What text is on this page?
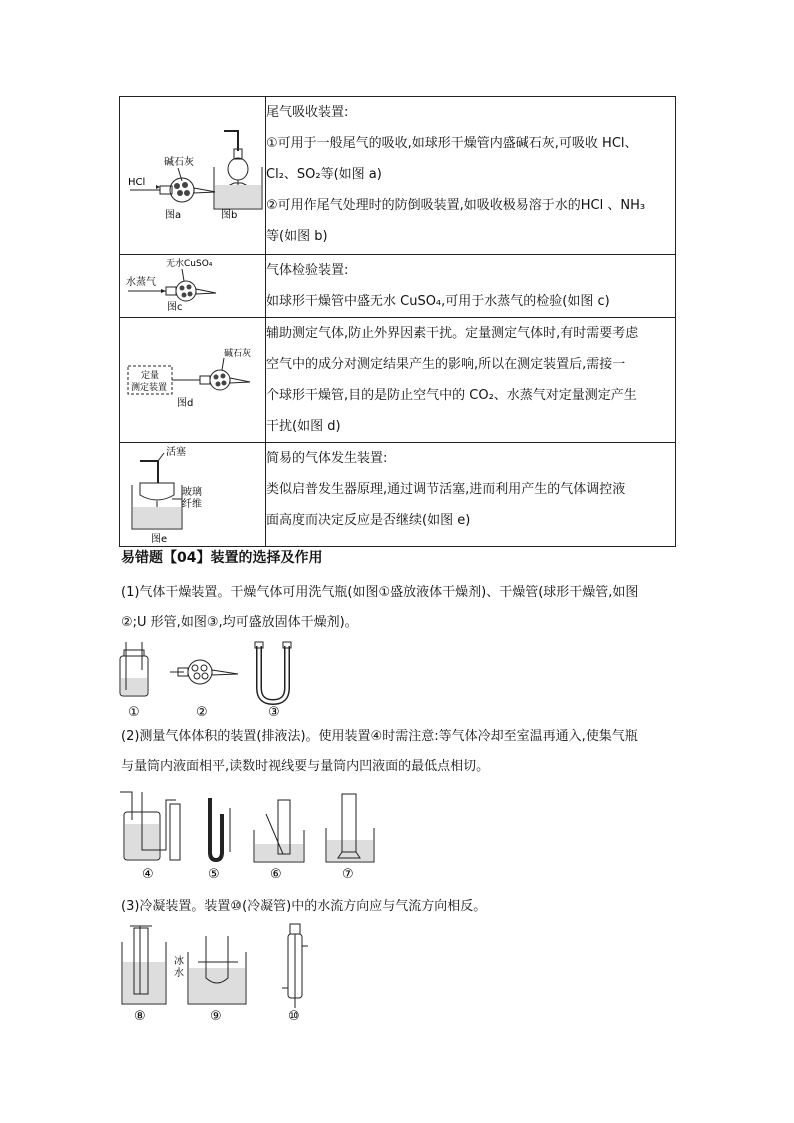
碱石灰
HCl
图a 图b	尾气吸收装置:
①可用于一般尾气的吸收,如球形干燥管内盛碱石灰,可吸收 HCl、
Cl₂、SO₂等(如图 a)
②可用作尾气处理时的防倒吸装置,如吸收极易溶于水的HCl 、NH₃
等(如图 b)

无水CuSO₄
水蒸气
图c	气体检验装置:
如球形干燥管中盛无水 CuSO₄,可用于水蒸气的检验(如图 c)

定量
测定装置
碱石灰
图d	辅助测定气体,防止外界因素干扰。定量测定气体时,有时需要考虑
空气中的成分对测定结果产生的影响,所以在测定装置后,需接一
个球形干燥管,目的是防止空气中的 CO₂、水蒸气对定量测定产生
干扰(如图 d)

活塞
玻璃
纤维
图e	简易的气体发生装置:
类似启普发生器原理,通过调节活塞,进而利用产生的气体调控液
面高度而决定反应是否继续(如图 e)
易错题【04】装置的选择及作用
(1)气体干燥装置。干燥气体可用洗气瓶(如图①盛放液体干燥剂)、干燥管(球形干燥管,如图
②;U 形管,如图③,均可盛放固体干燥剂)。
①	②	③
(2)测量气体体积的装置(排液法)。使用装置④时需注意:等气体冷却至室温再通入,使集气瓶
与量筒内液面相平,读数时视线要与量筒内凹液面的最低点相切。
④	⑤	⑥	⑦
(3)冷凝装置。装置⑩(冷凝管)中的水流方向应与气流方向相反。
⑧
冰
水
⑨	⑩
